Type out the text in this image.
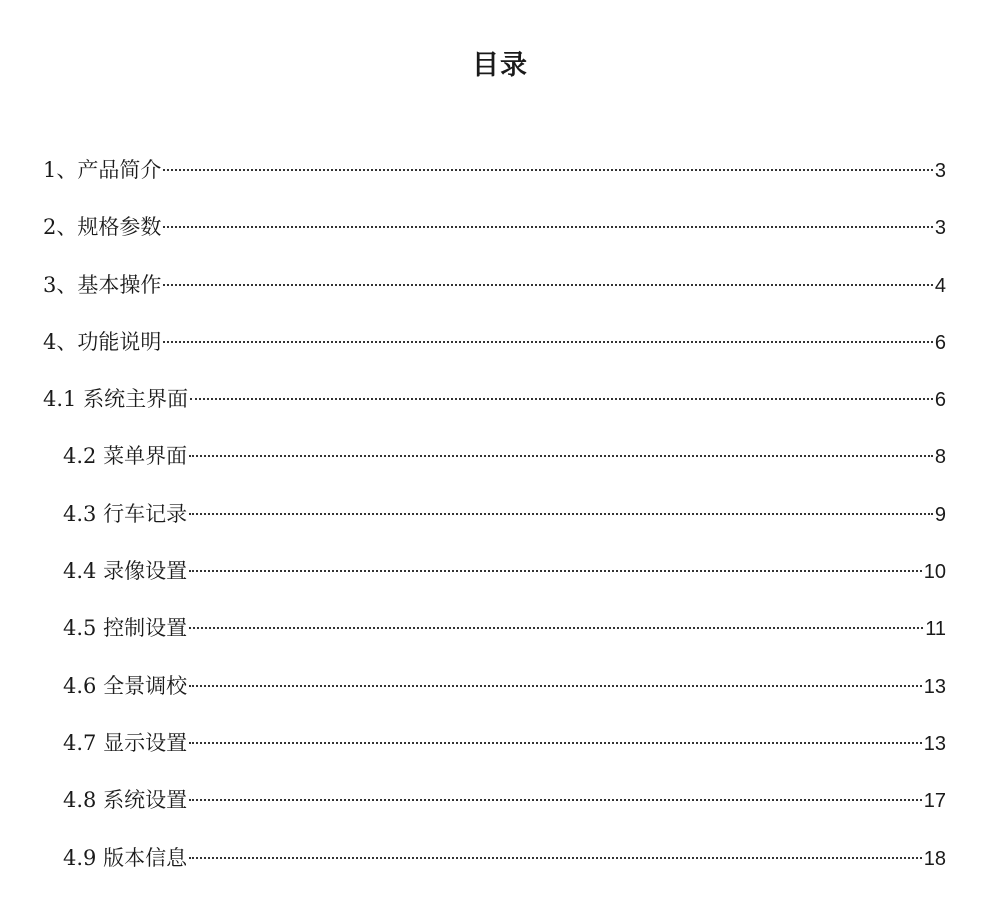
目录
1、产品简介	3
2、规格参数	3
3、基本操作	4
4、功能说明	6
4.1 系统主界面	6
4.2 菜单界面	8
4.3 行车记录	9
4.4 录像设置	10
4.5 控制设置	11
4.6 全景调校	13
4.7 显示设置	13
4.8 系统设置	17
4.9 版本信息	18
